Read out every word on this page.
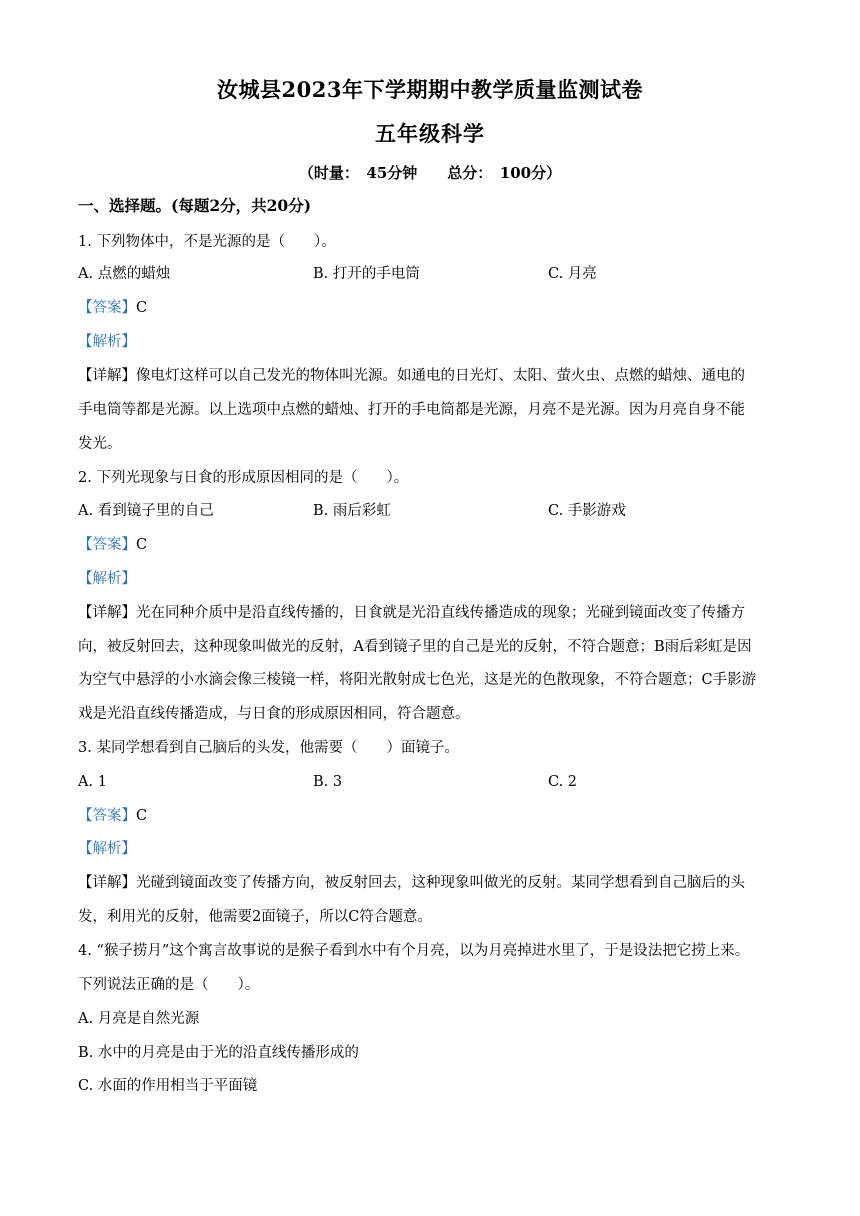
汝城县2023年下学期期中教学质量监测试卷
五年级科学
（时量：　45分钟　　总分：　100分）
一、选择题。(每题2分，共20分)
1. 下列物体中，不是光源的是（　　）。
A. 点燃的蜡烛	B. 打开的手电筒	C. 月亮
【答案】C
【解析】
【详解】像电灯这样可以自己发光的物体叫光源。如通电的日光灯、太阳、萤火虫、点燃的蜡烛、通电的
手电筒等都是光源。以上选项中点燃的蜡烛、打开的手电筒都是光源，月亮不是光源。因为月亮自身不能
发光。
2. 下列光现象与日食的形成原因相同的是（　　）。
A. 看到镜子里的自己	B. 雨后彩虹	C. 手影游戏
【答案】C
【解析】
【详解】光在同种介质中是沿直线传播的，日食就是光沿直线传播造成的现象；光碰到镜面改变了传播方
向，被反射回去，这种现象叫做光的反射，A看到镜子里的自己是光的反射，不符合题意；B雨后彩虹是因
为空气中悬浮的小水滴会像三棱镜一样，将阳光散射成七色光，这是光的色散现象，不符合题意；C手影游
戏是光沿直线传播造成，与日食的形成原因相同，符合题意。
3. 某同学想看到自己脑后的头发，他需要（　　）面镜子。
A. 1	B. 3	C. 2
【答案】C
【解析】
【详解】光碰到镜面改变了传播方向，被反射回去，这种现象叫做光的反射。某同学想看到自己脑后的头
发，利用光的反射，他需要2面镜子，所以C符合题意。
4. “猴子捞月”这个寓言故事说的是猴子看到水中有个月亮，以为月亮掉进水里了，于是设法把它捞上来。
下列说法正确的是（　　）。
A. 月亮是自然光源
B. 水中的月亮是由于光的沿直线传播形成的
C. 水面的作用相当于平面镜
